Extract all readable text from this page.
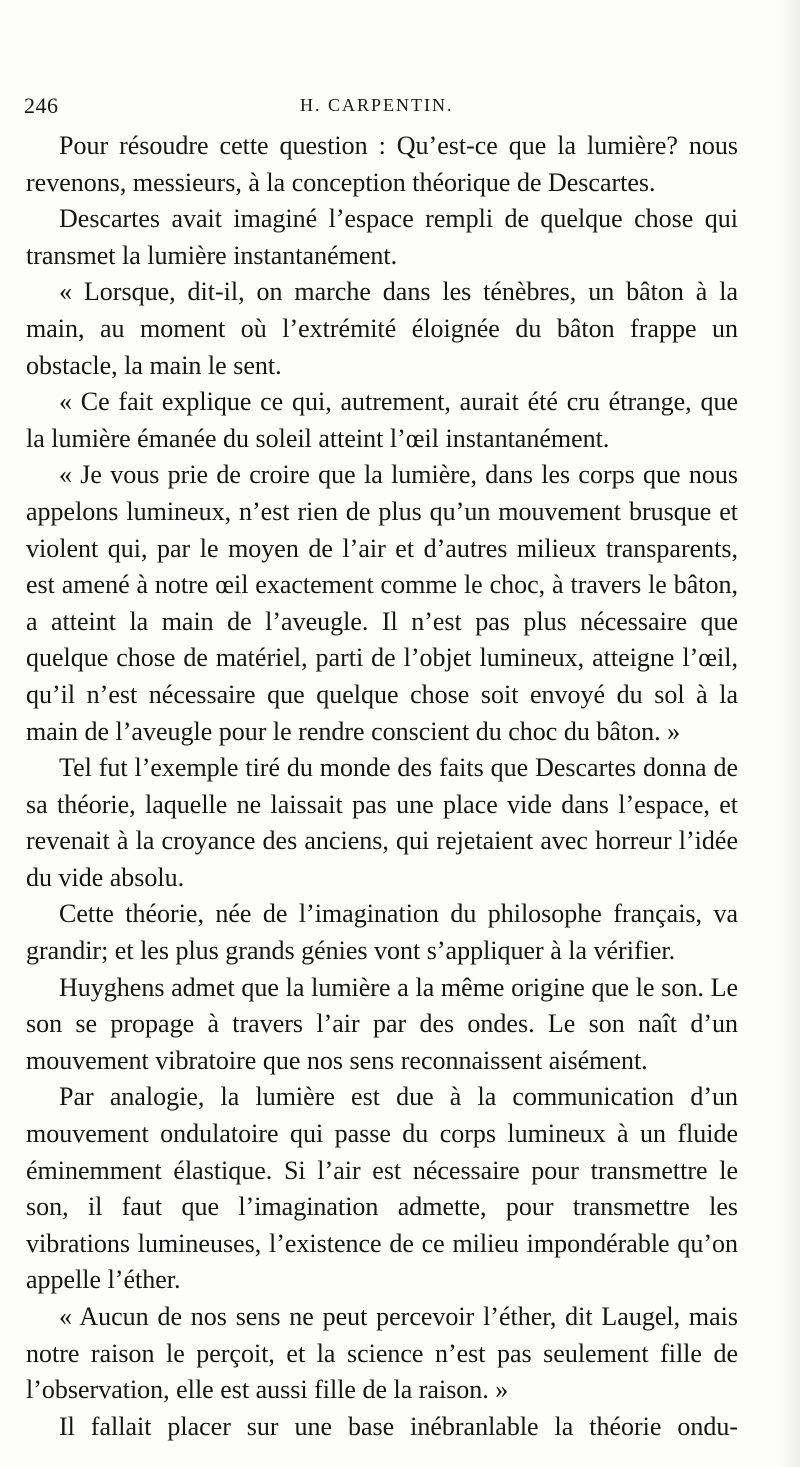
246	H. CARPENTIN.

Pour résoudre cette question : Qu’est-ce que la lumière? nous revenons, messieurs, à la conception théorique de Descartes.

Descartes avait imaginé l’espace rempli de quelque chose qui transmet la lumière instantanément.

« Lorsque, dit-il, on marche dans les ténèbres, un bâton à la main, au moment où l’extrémité éloignée du bâton frappe un obstacle, la main le sent.

« Ce fait explique ce qui, autrement, aurait été cru étrange, que la lumière émanée du soleil atteint l’œil instantanément.

« Je vous prie de croire que la lumière, dans les corps que nous appelons lumineux, n’est rien de plus qu’un mouvement brusque et violent qui, par le moyen de l’air et d’autres milieux transparents, est amené à notre œil exactement comme le choc, à travers le bâton, a atteint la main de l’aveugle. Il n’est pas plus nécessaire que quelque chose de matériel, parti de l’objet lumineux, atteigne l’œil, qu’il n’est nécessaire que quelque chose soit envoyé du sol à la main de l’aveugle pour le rendre conscient du choc du bâton. »

Tel fut l’exemple tiré du monde des faits que Descartes donna de sa théorie, laquelle ne laissait pas une place vide dans l’espace, et revenait à la croyance des anciens, qui rejetaient avec horreur l’idée du vide absolu.

Cette théorie, née de l’imagination du philosophe français, va grandir; et les plus grands génies vont s’appliquer à la vérifier.

Huyghens admet que la lumière a la même origine que le son. Le son se propage à travers l’air par des ondes. Le son naît d’un mouvement vibratoire que nos sens reconnaissent aisément.

Par analogie, la lumière est due à la communication d’un mouvement ondulatoire qui passe du corps lumineux à un fluide éminemment élastique. Si l’air est nécessaire pour transmettre le son, il faut que l’imagination admette, pour transmettre les vibrations lumineuses, l’existence de ce milieu impondérable qu’on appelle l’éther.

« Aucun de nos sens ne peut percevoir l’éther, dit Laugel, mais notre raison le perçoit, et la science n’est pas seulement fille de l’observation, elle est aussi fille de la raison. »

Il fallait placer sur une base inébranlable la théorie ondu-
